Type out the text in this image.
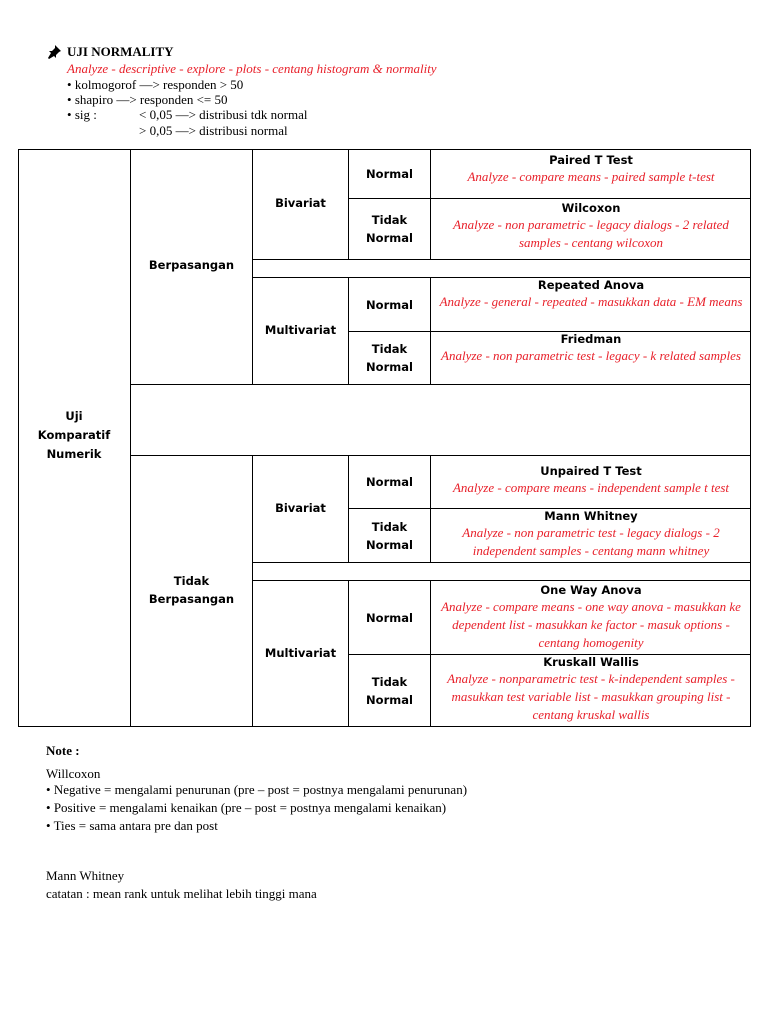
UJI NORMALITY
Analyze - descriptive - explore - plots - centang histogram & normality
• kolmogorof —> responden > 50
• shapiro —> responden <= 50
• sig :	< 0,05 —> distribusi tdk normal
> 0,05 —> distribusi normal
Uji Komparatif Numerik
Berpasangan
Tidak Berpasangan
Bivariat
Multivariat
Bivariat
Multivariat
Normal
Tidak Normal
Normal
Tidak Normal
Normal
Tidak Normal
Normal
Tidak Normal
Paired T Test
Analyze - compare means - paired sample t-test
Wilcoxon
Analyze - non parametric - legacy dialogs - 2 related samples - centang wilcoxon
Repeated Anova
Analyze - general - repeated - masukkan data - EM means
Friedman
Analyze - non parametric test - legacy - k related samples
Unpaired T Test
Analyze - compare means - independent sample t test
Mann Whitney
Analyze - non parametric test - legacy dialogs - 2 independent samples - centang mann whitney
One Way Anova
Analyze - compare means - one way anova - masukkan ke dependent list - masukkan ke factor - masuk options - centang homogenity
Kruskall Wallis
Analyze - nonparametric test - k-independent samples - masukkan test variable list - masukkan grouping list - centang kruskal wallis
Note :
Willcoxon
• Negative = mengalami penurunan (pre – post = postnya mengalami penurunan)
• Positive = mengalami kenaikan (pre – post = postnya mengalami kenaikan)
• Ties = sama antara pre dan post
Mann Whitney
catatan : mean rank untuk melihat lebih tinggi mana
